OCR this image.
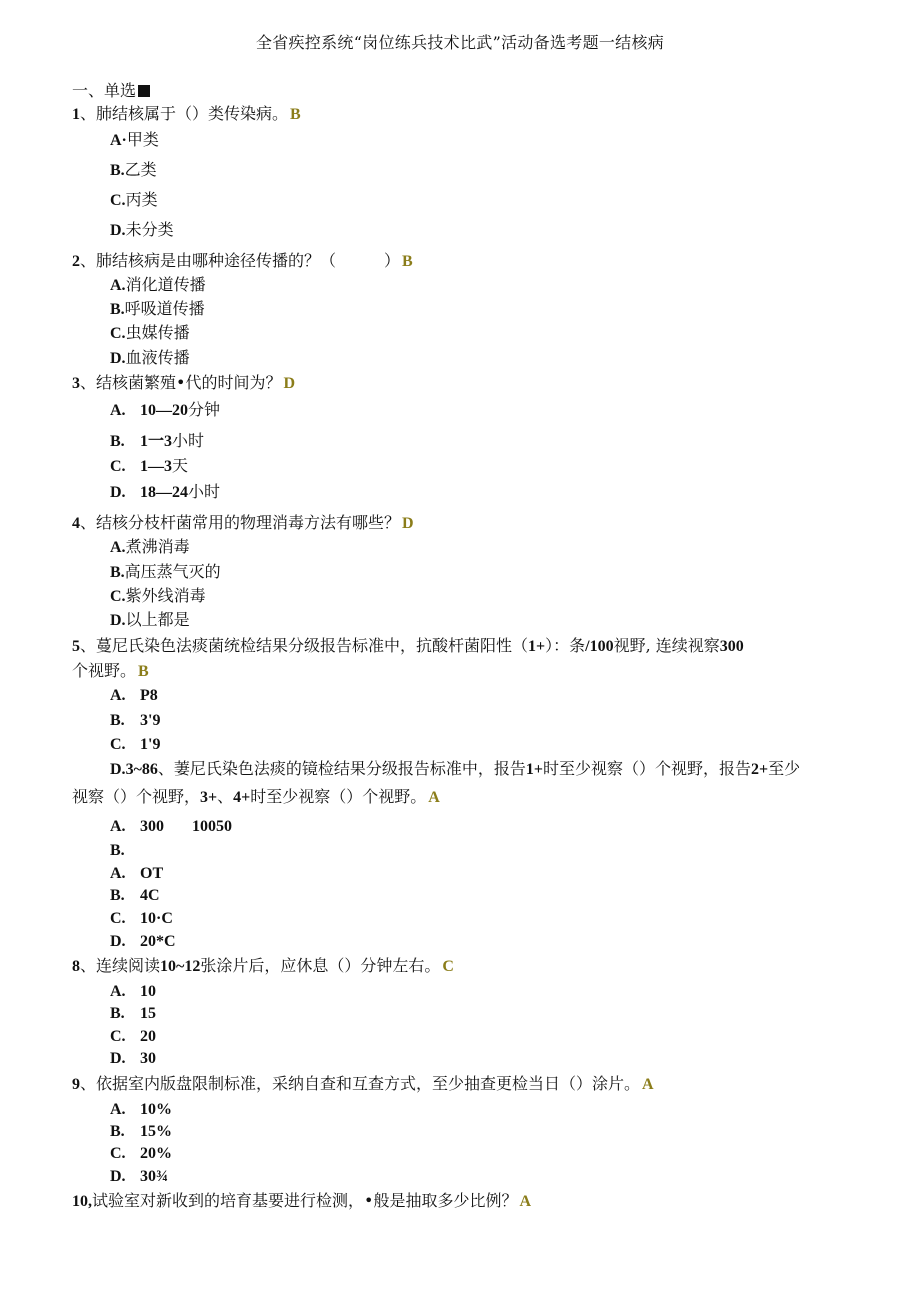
全省疾控系统“岗位练兵技术比武”活动备选考题一结核病
一、单选
1、肺结核属于（）类传染病。 B
A·甲类
B.乙类
C.丙类
D.未分类
2、肺结核病是由哪种途径传播的？（　　　） B
A.消化道传播
B.呼吸道传播
C.虫媒传播
D.血液传播
3、结核菌繁殖•代的时间为？ D
A. 10—20分钟
B. 1一3小时
C. 1—3天
D. 18—24小时
4、结核分枝杆菌常用的物理消毒方法有哪些？ D
A.煮沸消毒
B.高压蒸气灭的
C.紫外线消毒
D.以上都是
5、蔓尼氏染色法痰菌统检结果分级报告标准中，抗酸杆菌阳性（1+）：条/100视野, 连续视察300
个视野。 B
A. P8
B. 3'9
C. 1'9
D.3~86、萋尼氏染色法痰的镜检结果分级报告标准中，报告1+时至少视察（）个视野，报告2+至少
视察（）个视野，3+、4+时至少视察（）个视野。 A
A. 300 10050
B.
A. OT
B. 4C
C. 10·C
D. 20*C
8、连续阅读10~12张涂片后，应休息（）分钟左右。 C
A. 10
B. 15
C. 20
D. 30
9、依据室内版盘限制标准，采纳自查和互查方式，至少抽查更检当日（）涂片。 A
A. 10%
B. 15%
C. 20%
D. 30¾
10,试验室对新收到的培育基要进行检测，•般是抽取多少比例？ A
